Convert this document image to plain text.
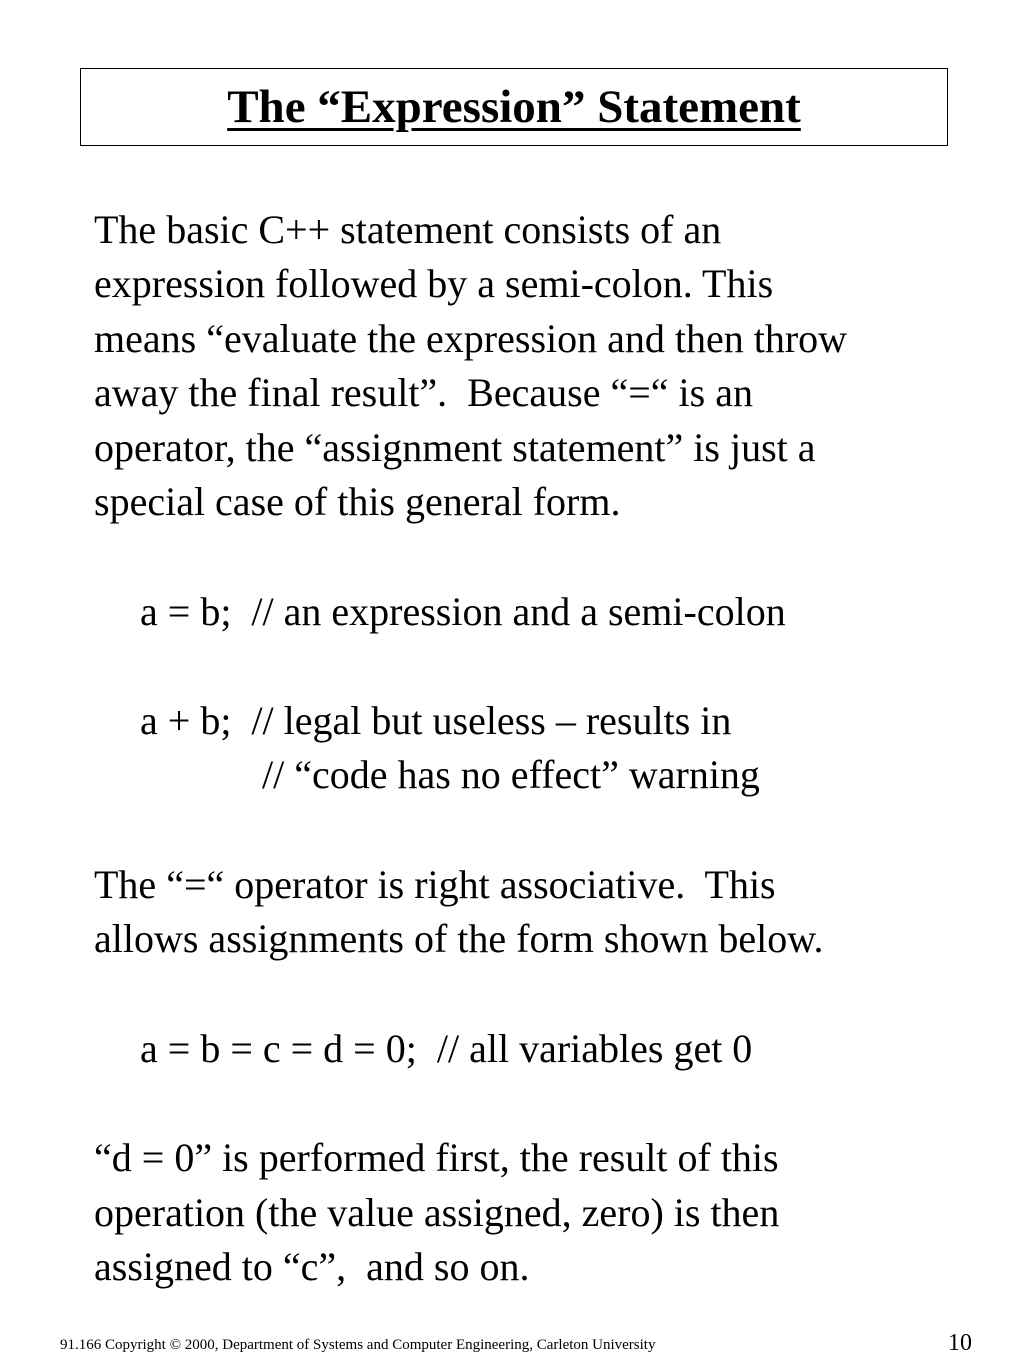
The “Expression” Statement
The basic C++ statement consists of an
expression followed by a semi-colon. This
means “evaluate the expression and then throw
away the final result”.  Because “=“ is an
operator, the “assignment statement” is just a
special case of this general form.
a = b;  // an expression and a semi-colon
a + b;  // legal but useless – results in
// “code has no effect” warning
The “=“ operator is right associative.  This
allows assignments of the form shown below.
a = b = c = d = 0;  // all variables get 0
“d = 0” is performed first, the result of this
operation (the value assigned, zero) is then
assigned to “c”,  and so on.
91.166 Copyright © 2000, Department of Systems and Computer Engineering, Carleton University	10
